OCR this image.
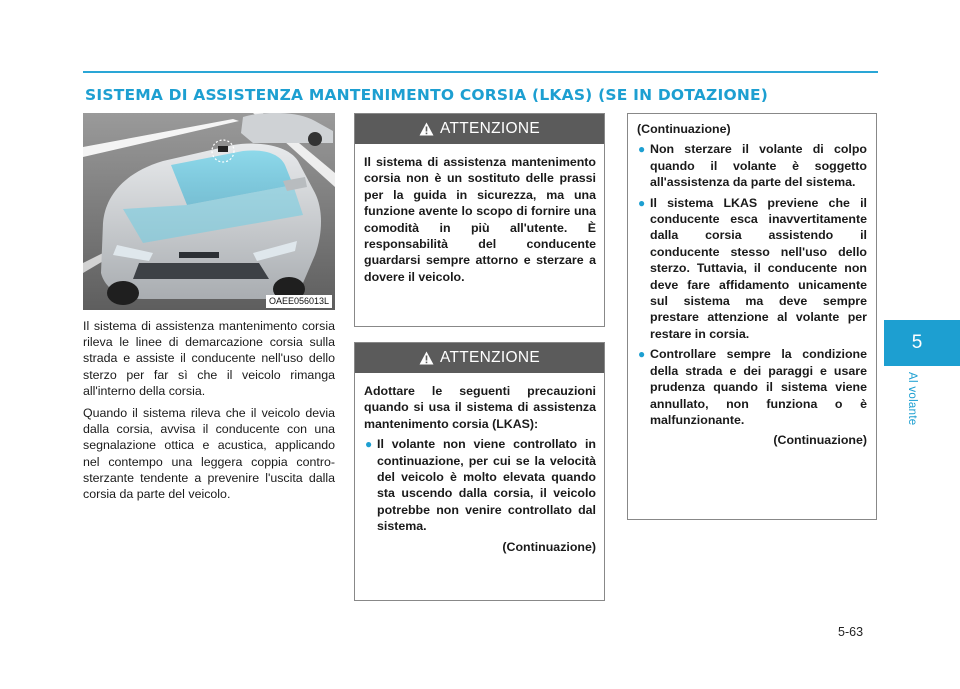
SISTEMA DI ASSISTENZA MANTENIMENTO CORSIA (LKAS) (SE IN DOTAZIONE)
OAEE056013L

Il sistema di assistenza mantenimento corsia rileva le linee di demarcazione corsia sulla strada e assiste il conducente nell'uso dello sterzo per far sì che il veicolo rimanga all'interno della corsia.

Quando il sistema rileva che il veicolo devia dalla corsia, avvisa il conducente con una segnalazione ottica e acustica, applicando nel contempo una leggera coppia contro-sterzante tendente a prevenire l'uscita dalla corsia da parte del veicolo.

ATTENZIONE

Il sistema di assistenza mantenimento corsia non è un sostituto delle prassi per la guida in sicurezza, ma una funzione avente lo scopo di fornire una comodità in più all'utente. È responsabilità del conducente guardarsi sempre attorno e sterzare a dovere il veicolo.

ATTENZIONE

Adottare le seguenti precauzioni quando si usa il sistema di assistenza mantenimento corsia (LKAS):

● Il volante non viene controllato in continuazione, per cui se la velocità del veicolo è molto elevata quando sta uscendo dalla corsia, il veicolo potrebbe non venire controllato dal sistema.

(Continuazione)

(Continuazione)

● Non sterzare il volante di colpo quando il volante è soggetto all'assistenza da parte del sistema.
● Il sistema LKAS previene che il conducente esca inavvertitamente dalla corsia assistendo il conducente stesso nell'uso dello sterzo. Tuttavia, il conducente non deve fare affidamento unicamente sul sistema ma deve sempre prestare attenzione al volante per restare in corsia.
● Controllare sempre la condizione della strada e dei paraggi e usare prudenza quando il sistema viene annullato, non funziona o è malfunzionante.

(Continuazione)

5
Al volante
5-63
